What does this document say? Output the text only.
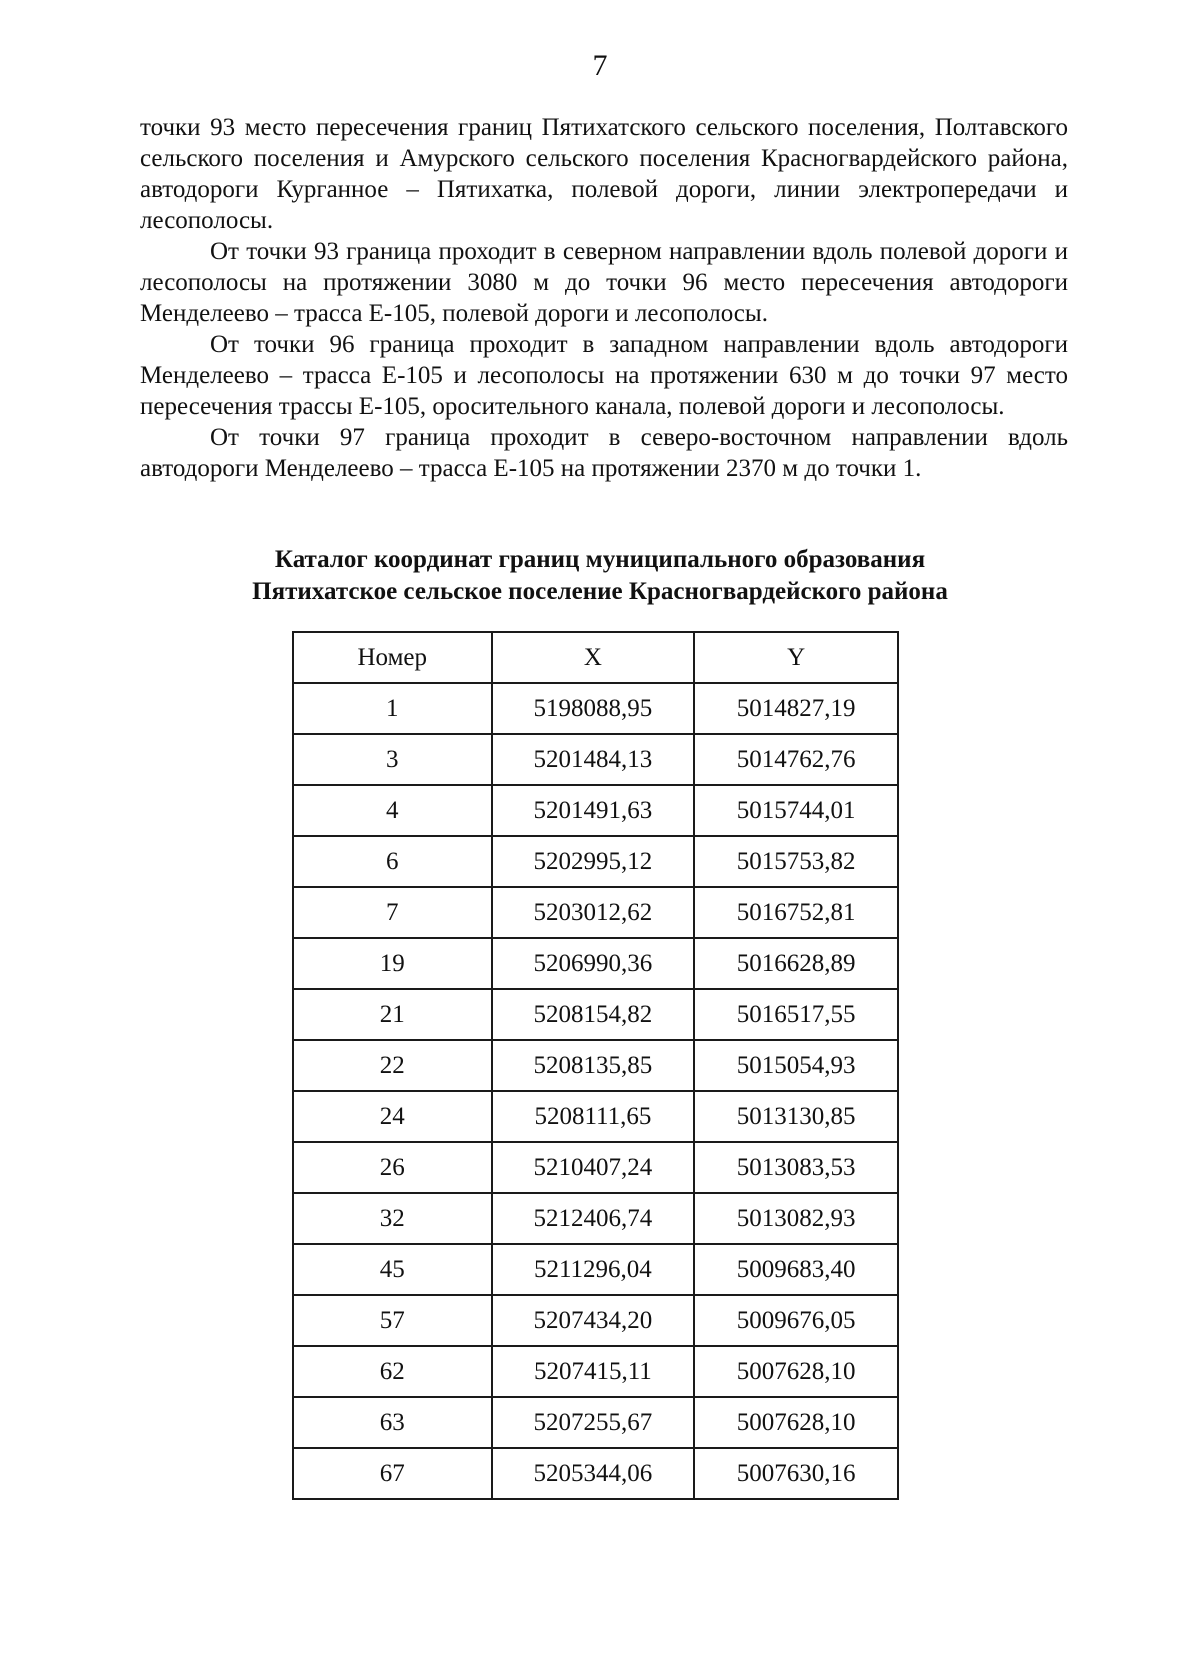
7

точки 93 место пересечения границ Пятихатского сельского поселения, Полтавского сельского поселения и Амурского сельского поселения Красногвардейского района, автодороги Курганное – Пятихатка, полевой дороги, линии электропередачи и лесополосы.

От точки 93 граница проходит в северном направлении вдоль полевой дороги и лесополосы на протяжении 3080 м до точки 96 место пересечения автодороги Менделеево – трасса Е-105, полевой дороги и лесополосы.

От точки 96 граница проходит в западном направлении вдоль автодороги Менделеево – трасса Е-105 и лесополосы на протяжении 630 м до точки 97 место пересечения трассы Е-105, оросительного канала, полевой дороги и лесополосы.

От точки 97 граница проходит в северо-восточном направлении вдоль автодороги Менделеево – трасса Е-105 на протяжении 2370 м до точки 1.

Каталог координат границ муниципального образования
Пятихатское сельское поселение Красногвардейского района
Номер	X	Y
1	5198088,95	5014827,19
3	5201484,13	5014762,76
4	5201491,63	5015744,01
6	5202995,12	5015753,82
7	5203012,62	5016752,81
19	5206990,36	5016628,89
21	5208154,82	5016517,55
22	5208135,85	5015054,93
24	5208111,65	5013130,85
26	5210407,24	5013083,53
32	5212406,74	5013082,93
45	5211296,04	5009683,40
57	5207434,20	5009676,05
62	5207415,11	5007628,10
63	5207255,67	5007628,10
67	5205344,06	5007630,16
